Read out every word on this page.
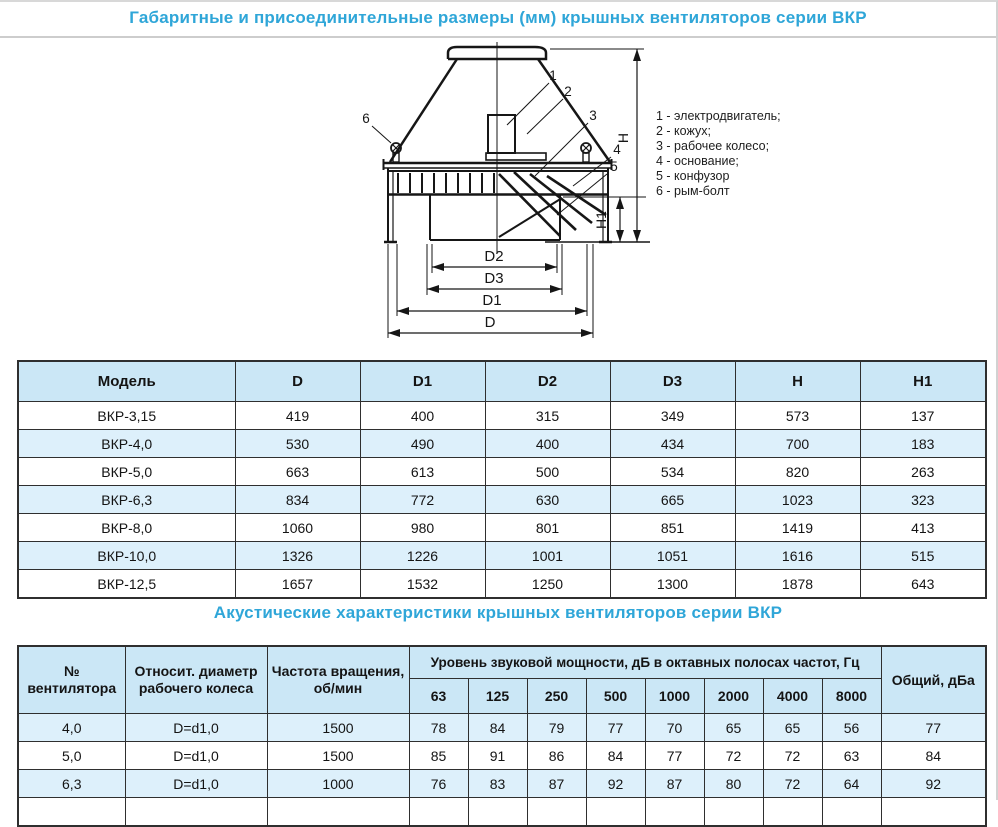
Габаритные и присоединительные размеры (мм) крышных вентиляторов серии ВКР
H
H1
D2
D3
D1
D
6
1
2
3
4
5
1 - электродвигатель;
2 - кожух;
3 - рабочее колесо;
4 - основание;
5 - конфузор
6 - рым-болт
Модель	D	D1	D2	D3	H	H1
ВКР-3,15	419	400	315	349	573	137
ВКР-4,0	530	490	400	434	700	183
ВКР-5,0	663	613	500	534	820	263
ВКР-6,3	834	772	630	665	1023	323
ВКР-8,0	1060	980	801	851	1419	413
ВКР-10,0	1326	1226	1001	1051	1616	515
ВКР-12,5	1657	1532	1250	1300	1878	643
Акустические характеристики крышных вентиляторов серии ВКР
№ вентилятора	Относит. диаметр рабочего колеса	Частота вращения, об/мин	Уровень звуковой мощности, дБ в октавных полосах частот, Гц								Общий, дБа
			63	125	250	500	1000	2000	4000	8000	
4,0	D=d1,0	1500	78	84	79	77	70	65	65	56	77
5,0	D=d1,0	1500	85	91	86	84	77	72	72	63	84
6,3	D=d1,0	1000	76	83	87	92	87	80	72	64	92
